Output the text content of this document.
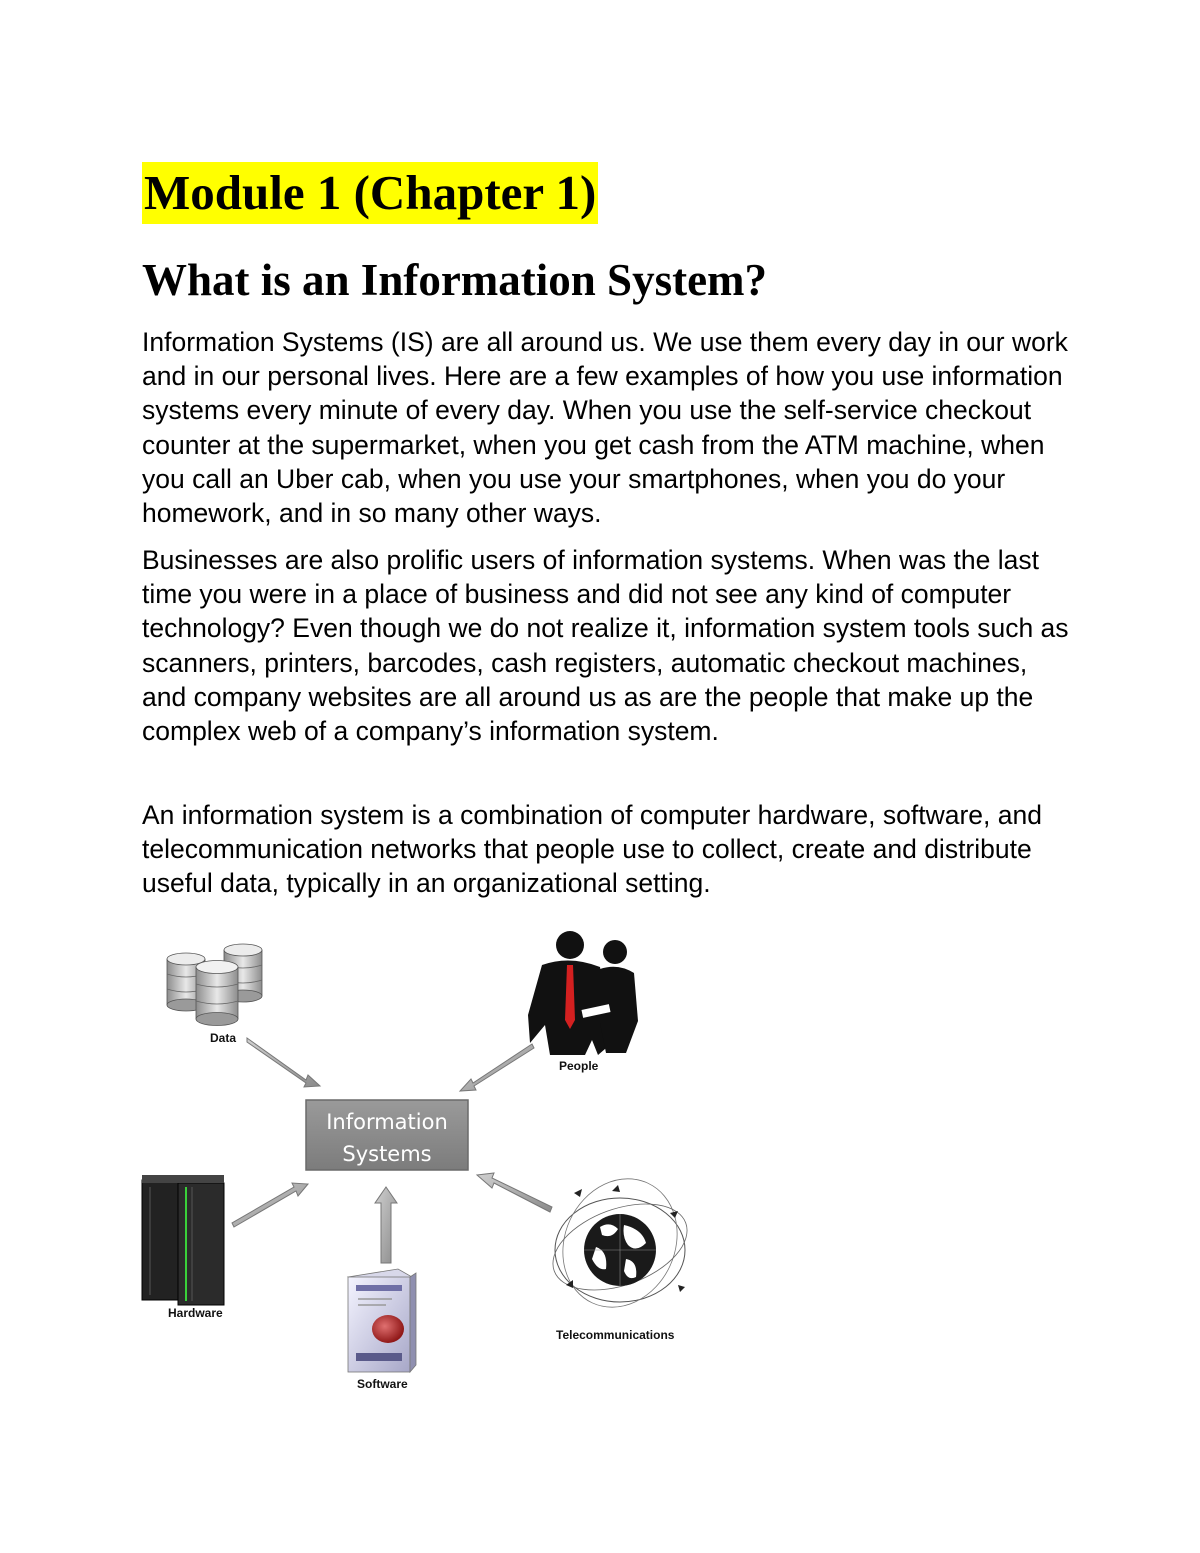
Module 1 (Chapter 1)
What is an Information System?

Information Systems (IS) are all around us. We use them every day in our work and in our personal lives. Here are a few examples of how you use information systems every minute of every day. When you use the self-service checkout counter at the supermarket, when you get cash from the ATM machine, when you call an Uber cab, when you use your smartphones, when you do your homework, and in so many other ways.

Businesses are also prolific users of information systems. When was the last time you were in a place of business and did not see any kind of computer technology? Even though we do not realize it, information system tools such as scanners, printers, barcodes, cash registers, automatic checkout machines, and company websites are all around us as are the people that make up the complex web of a company’s information system.

An information system is a combination of computer hardware, software, and telecommunication networks that people use to collect, create and distribute useful data, typically in an organizational setting.

Information
Systems
Data
People
Hardware
Software
Telecommunications
